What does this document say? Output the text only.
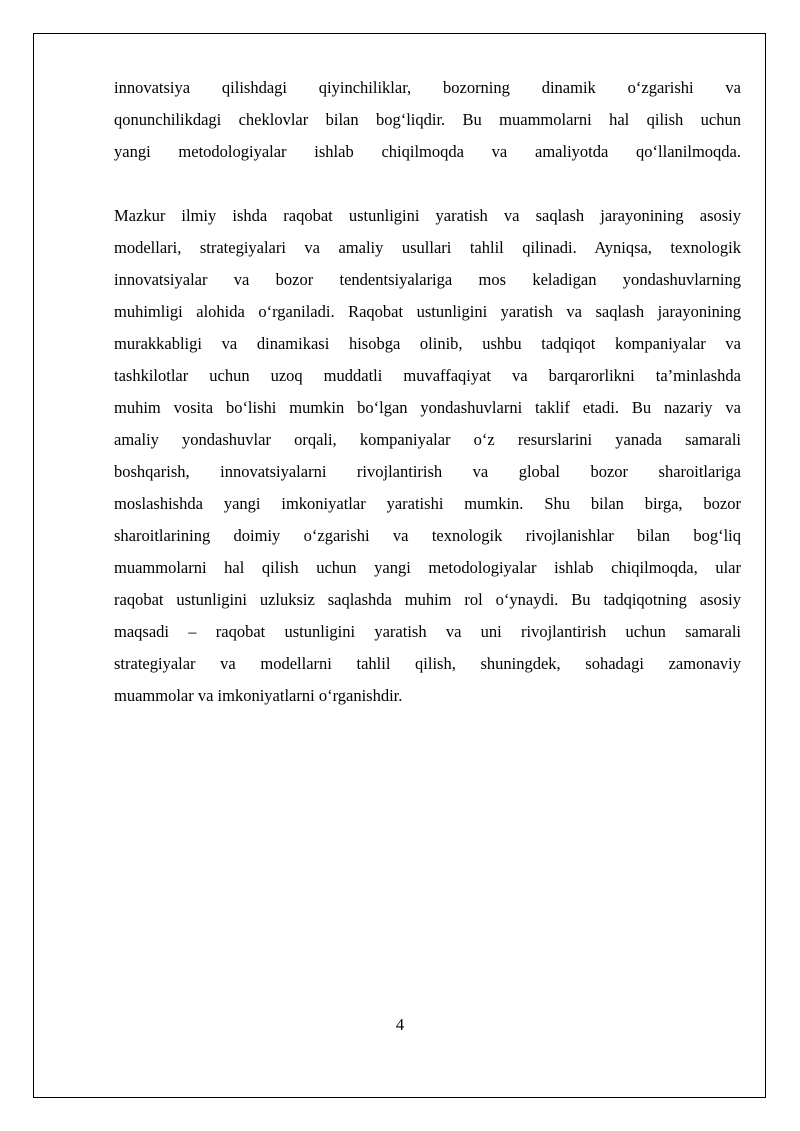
innovatsiya qilishdagi qiyinchiliklar, bozorning dinamik o‘zgarishi va
qonunchilikdagi cheklovlar bilan bog‘liqdir. Bu muammolarni hal qilish uchun
yangi metodologiyalar ishlab chiqilmoqda va amaliyotda qo‘llanilmoqda.
Mazkur ilmiy ishda raqobat ustunligini yaratish va saqlash jarayonining asosiy
modellari, strategiyalari va amaliy usullari tahlil qilinadi. Ayniqsa, texnologik
innovatsiyalar va bozor tendentsiyalariga mos keladigan yondashuvlarning
muhimligi alohida o‘rganiladi. Raqobat ustunligini yaratish va saqlash jarayonining
murakkabligi va dinamikasi hisobga olinib, ushbu tadqiqot kompaniyalar va
tashkilotlar uchun uzoq muddatli muvaffaqiyat va barqarorlikni ta’minlashda
muhim vosita bo‘lishi mumkin bo‘lgan yondashuvlarni taklif etadi. Bu nazariy va
amaliy yondashuvlar orqali, kompaniyalar o‘z resurslarini yanada samarali
boshqarish, innovatsiyalarni rivojlantirish va global bozor sharoitlariga
moslashishda yangi imkoniyatlar yaratishi mumkin. Shu bilan birga, bozor
sharoitlarining doimiy o‘zgarishi va texnologik rivojlanishlar bilan bog‘liq
muammolarni hal qilish uchun yangi metodologiyalar ishlab chiqilmoqda, ular
raqobat ustunligini uzluksiz saqlashda muhim rol o‘ynaydi. Bu tadqiqotning asosiy
maqsadi – raqobat ustunligini yaratish va uni rivojlantirish uchun samarali
strategiyalar va modellarni tahlil qilish, shuningdek, sohadagi zamonaviy
muammolar va imkoniyatlarni o‘rganishdir.
4
